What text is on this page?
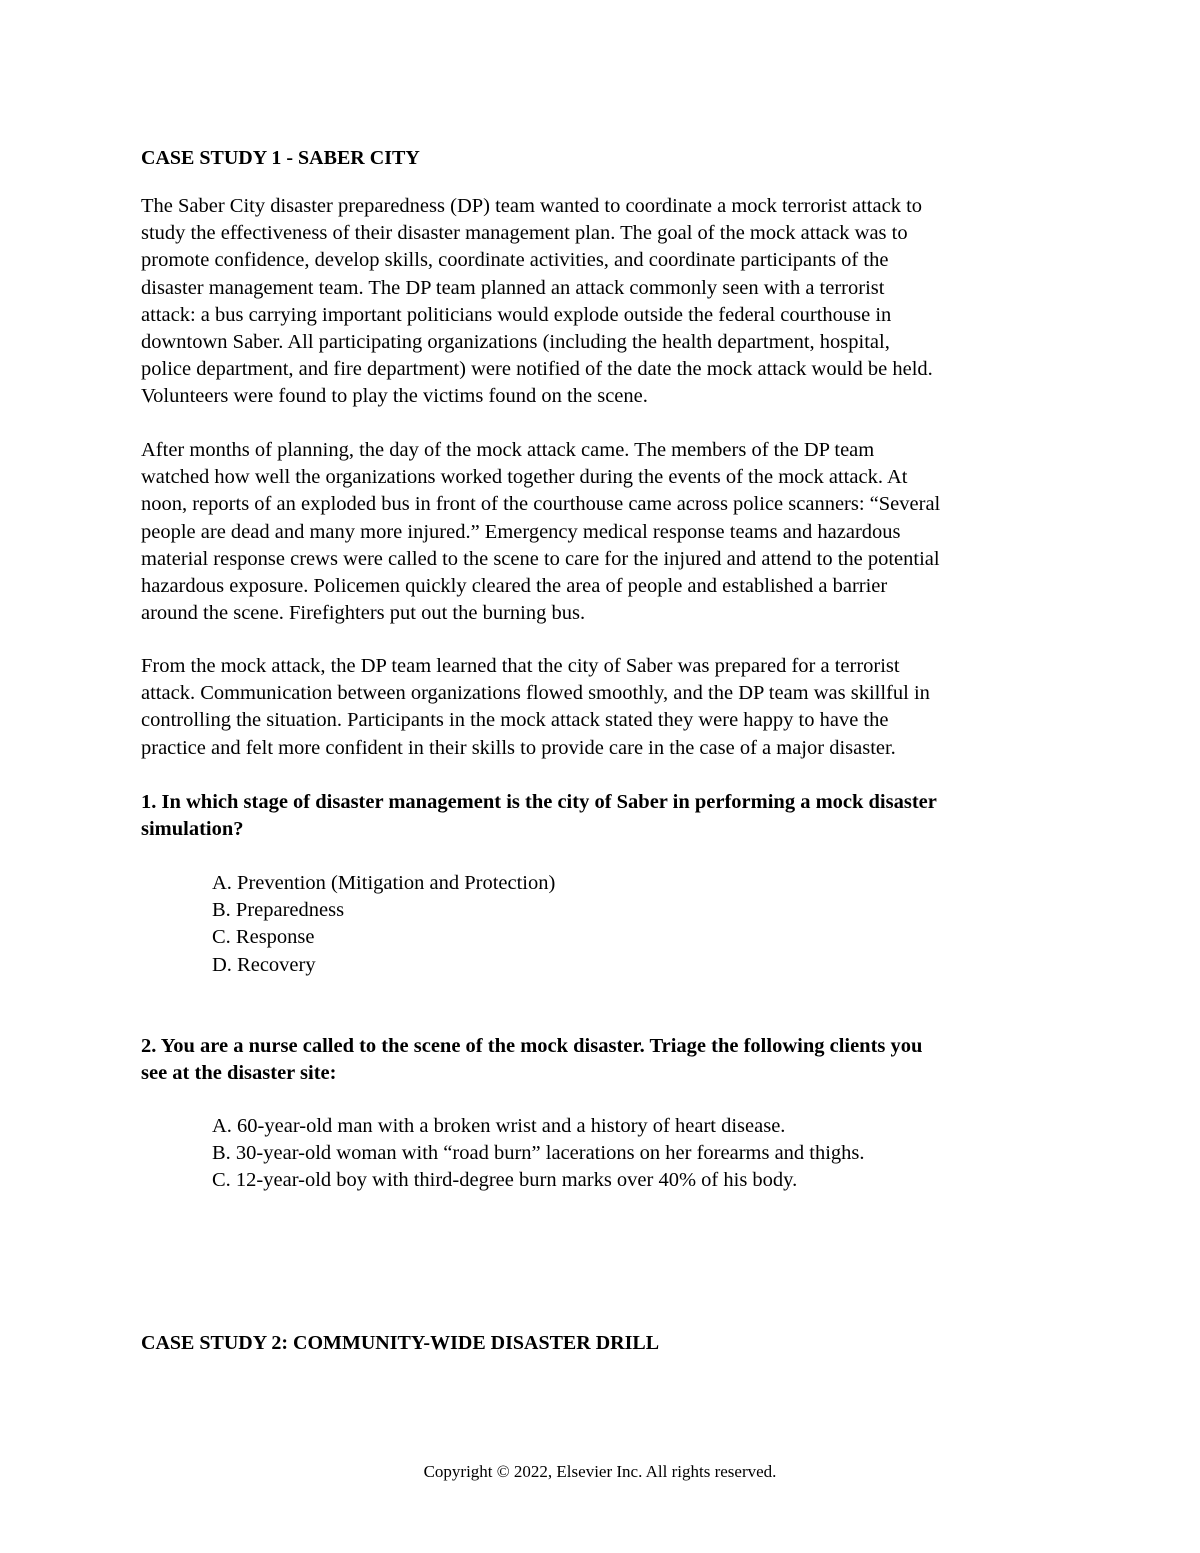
CASE STUDY 1 - SABER CITY

The Saber City disaster preparedness (DP) team wanted to coordinate a mock terrorist attack to
study the effectiveness of their disaster management plan. The goal of the mock attack was to
promote confidence, develop skills, coordinate activities, and coordinate participants of the
disaster management team. The DP team planned an attack commonly seen with a terrorist
attack: a bus carrying important politicians would explode outside the federal courthouse in
downtown Saber. All participating organizations (including the health department, hospital,
police department, and fire department) were notified of the date the mock attack would be held.
Volunteers were found to play the victims found on the scene.

After months of planning, the day of the mock attack came. The members of the DP team
watched how well the organizations worked together during the events of the mock attack. At
noon, reports of an exploded bus in front of the courthouse came across police scanners: “Several
people are dead and many more injured.” Emergency medical response teams and hazardous
material response crews were called to the scene to care for the injured and attend to the potential
hazardous exposure. Policemen quickly cleared the area of people and established a barrier
around the scene. Firefighters put out the burning bus.

From the mock attack, the DP team learned that the city of Saber was prepared for a terrorist
attack. Communication between organizations flowed smoothly, and the DP team was skillful in
controlling the situation. Participants in the mock attack stated they were happy to have the
practice and felt more confident in their skills to provide care in the case of a major disaster.

1. In which stage of disaster management is the city of Saber in performing a mock disaster
simulation?

A. Prevention (Mitigation and Protection)
B. Preparedness
C. Response
D. Recovery

2. You are a nurse called to the scene of the mock disaster. Triage the following clients you
see at the disaster site:

A. 60-year-old man with a broken wrist and a history of heart disease.
B. 30-year-old woman with “road burn” lacerations on her forearms and thighs.
C. 12-year-old boy with third-degree burn marks over 40% of his body.
CASE STUDY 2: COMMUNITY-WIDE DISASTER DRILL
Copyright © 2022, Elsevier Inc. All rights reserved.
